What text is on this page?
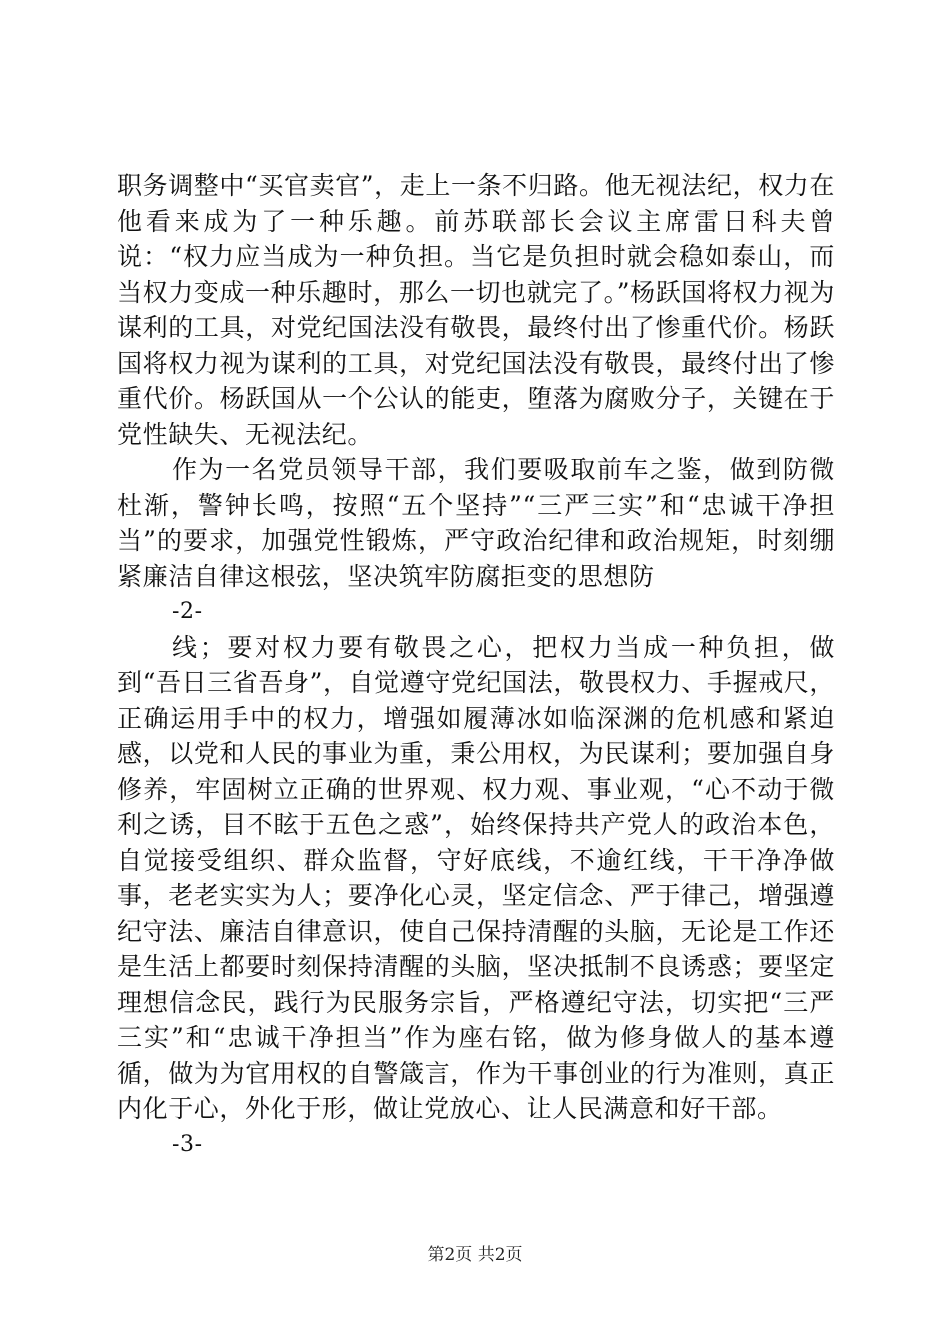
职务调整中“买官卖官”，走上一条不归路。他无视法纪，权力在他看来成为了一种乐趣。前苏联部长会议主席雷日科夫曾说：“权力应当成为一种负担。当它是负担时就会稳如泰山，而当权力变成一种乐趣时，那么一切也就完了。”杨跃国将权力视为谋利的工具，对党纪国法没有敬畏，最终付出了惨重代价。杨跃国将权力视为谋利的工具，对党纪国法没有敬畏，最终付出了惨重代价。杨跃国从一个公认的能吏，堕落为腐败分子，关键在于党性缺失、无视法纪。

作为一名党员领导干部，我们要吸取前车之鉴，做到防微杜渐，警钟长鸣，按照“五个坚持”“三严三实”和“忠诚干净担当”的要求，加强党性锻炼，严守政治纪律和政治规矩，时刻绷紧廉洁自律这根弦，坚决筑牢防腐拒变的思想防

-2-

线；要对权力要有敬畏之心，把权力当成一种负担，做到“吾日三省吾身”，自觉遵守党纪国法，敬畏权力、手握戒尺，正确运用手中的权力，增强如履薄冰如临深渊的危机感和紧迫感，以党和人民的事业为重，秉公用权，为民谋利；要加强自身修养，牢固树立正确的世界观、权力观、事业观，“心不动于微利之诱，目不眩于五色之惑”，始终保持共产党人的政治本色，自觉接受组织、群众监督，守好底线，不逾红线，干干净净做事，老老实实为人；要净化心灵，坚定信念、严于律己，增强遵纪守法、廉洁自律意识，使自己保持清醒的头脑，无论是工作还是生活上都要时刻保持清醒的头脑，坚决抵制不良诱惑；要坚定理想信念民，践行为民服务宗旨，严格遵纪守法，切实把“三严三实”和“忠诚干净担当”作为座右铭，做为修身做人的基本遵循，做为为官用权的自警箴言，作为干事创业的行为准则，真正内化于心，外化于形，做让党放心、让人民满意和好干部。

-3-

第2页 共2页
